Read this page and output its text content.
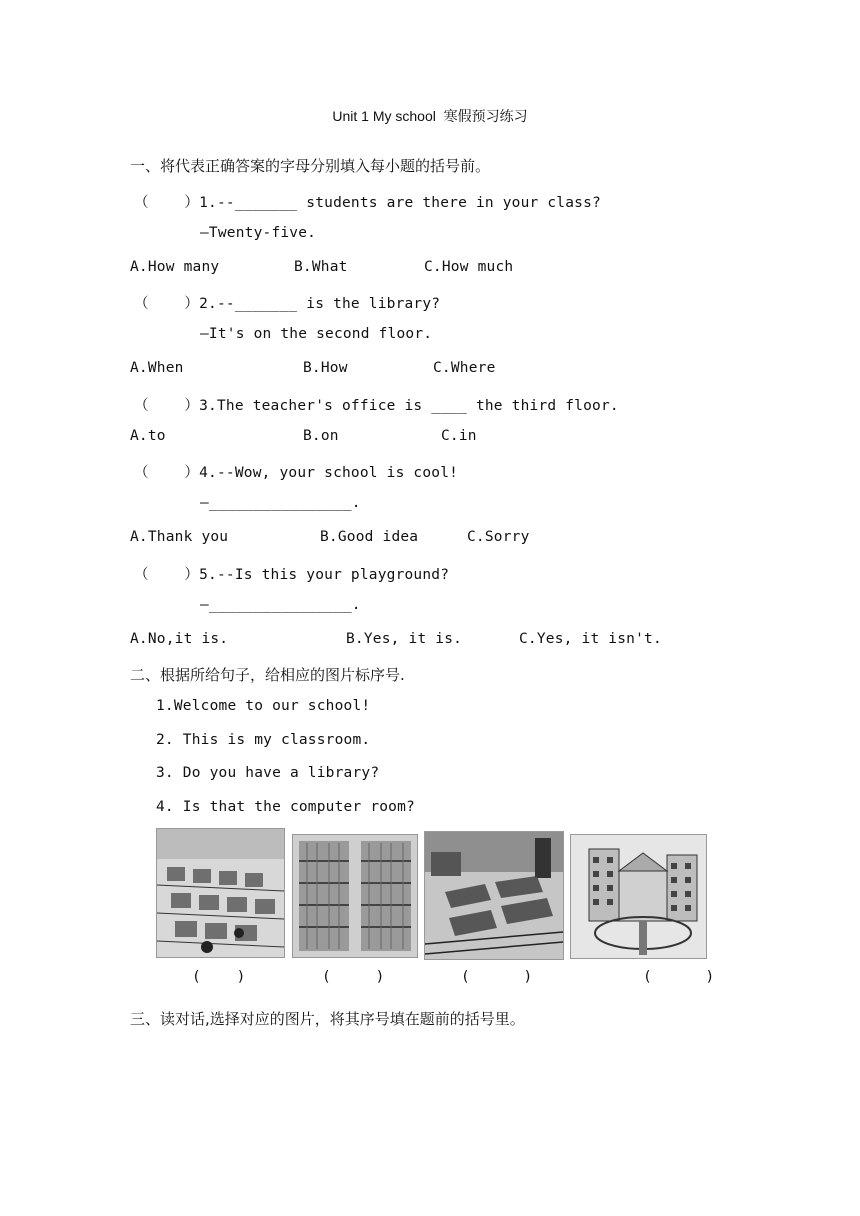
Unit 1 My school  寒假预习练习
一、将代表正确答案的字母分别填入每小题的括号前。
（    ）1.--_______ students are there in your class?
—Twenty-five.
A.How many	B.What	C.How much
（    ）2.--_______ is the library?
—It's on the second floor.
A.When	B.How	C.Where
（    ）3.The teacher's office is ____ the third floor.
A.to	B.on	C.in
（    ）4.--Wow, your school is cool!
—________________.
A.Thank you	B.Good idea	C.Sorry
（    ）5.--Is this your playground?
—________________.
A.No,it is.	B.Yes, it is.	C.Yes, it isn't.
二、根据所给句子，给相应的图片标序号.
1.Welcome to our school!
2. This is my classroom.
3. Do you have a library?
4. Is that the computer room?
(    )	(     )	(      )	(      )
三、读对话,选择对应的图片，将其序号填在题前的括号里。
